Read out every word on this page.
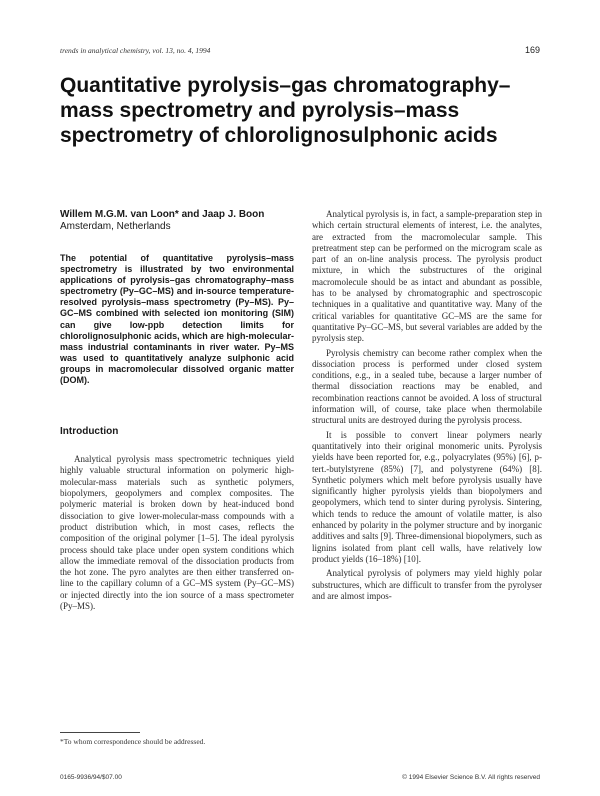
trends in analytical chemistry, vol. 13, no. 4, 1994	169
Quantitative pyrolysis–gas chromatography–mass spectrometry and pyrolysis–mass spectrometry of chlorolignosulphonic acids

Willem M.G.M. van Loon* and Jaap J. Boon

Amsterdam, Netherlands

The potential of quantitative pyrolysis–mass spectrometry is illustrated by two environmental applications of pyrolysis–gas chromatography–mass spectrometry (Py–GC–MS) and in-source temperature-resolved pyrolysis–mass spectrometry (Py–MS). Py–GC–MS combined with selected ion monitoring (SIM) can give low-ppb detection limits for chlorolignosulphonic acids, which are high-molecular-mass industrial contaminants in river water. Py–MS was used to quantitatively analyze sulphonic acid groups in macromolecular dissolved organic matter (DOM).

Introduction

Analytical pyrolysis mass spectrometric techniques yield highly valuable structural information on polymeric high-molecular-mass materials such as synthetic polymers, biopolymers, geopolymers and complex composites. The polymeric material is broken down by heat-induced bond dissociation to give lower-molecular-mass compounds with a product distribution which, in most cases, reflects the composition of the original polymer [1–5]. The ideal pyrolysis process should take place under open system conditions which allow the immediate removal of the dissociation products from the hot zone. The pyro analytes are then either transferred on-line to the capillary column of a GC–MS system (Py–GC–MS) or injected directly into the ion source of a mass spectrometer (Py–MS).

Analytical pyrolysis is, in fact, a sample-preparation step in which certain structural elements of interest, i.e. the analytes, are extracted from the macromolecular sample. This pretreatment step can be performed on the microgram scale as part of an on-line analysis process. The pyrolysis product mixture, in which the substructures of the original macromolecule should be as intact and abundant as possible, has to be analysed by chromatographic and spectroscopic techniques in a qualitative and quantitative way. Many of the critical variables for quantitative GC–MS are the same for quantitative Py–GC–MS, but several variables are added by the pyrolysis step.

Pyrolysis chemistry can become rather complex when the dissociation process is performed under closed system conditions, e.g., in a sealed tube, because a larger number of thermal dissociation reactions may be enabled, and recombination reactions cannot be avoided. A loss of structural information will, of course, take place when thermolabile structural units are destroyed during the pyrolysis process.

It is possible to convert linear polymers nearly quantitatively into their original monomeric units. Pyrolysis yields have been reported for, e.g., polyacrylates (95%) [6], p-tert.-butylstyrene (85%) [7], and polystyrene (64%) [8]. Synthetic polymers which melt before pyrolysis usually have significantly higher pyrolysis yields than biopolymers and geopolymers, which tend to sinter during pyrolysis. Sintering, which tends to reduce the amount of volatile matter, is also enhanced by polarity in the polymer structure and by inorganic additives and salts [9]. Three-dimensional biopolymers, such as lignins isolated from plant cell walls, have relatively low product yields (16–18%) [10].

Analytical pyrolysis of polymers may yield highly polar substructures, which are difficult to transfer from the pyrolyser and are almost impos-

*To whom correspondence should be addressed.

0165-9936/94/$07.00	© 1994 Elsevier Science B.V. All rights reserved
